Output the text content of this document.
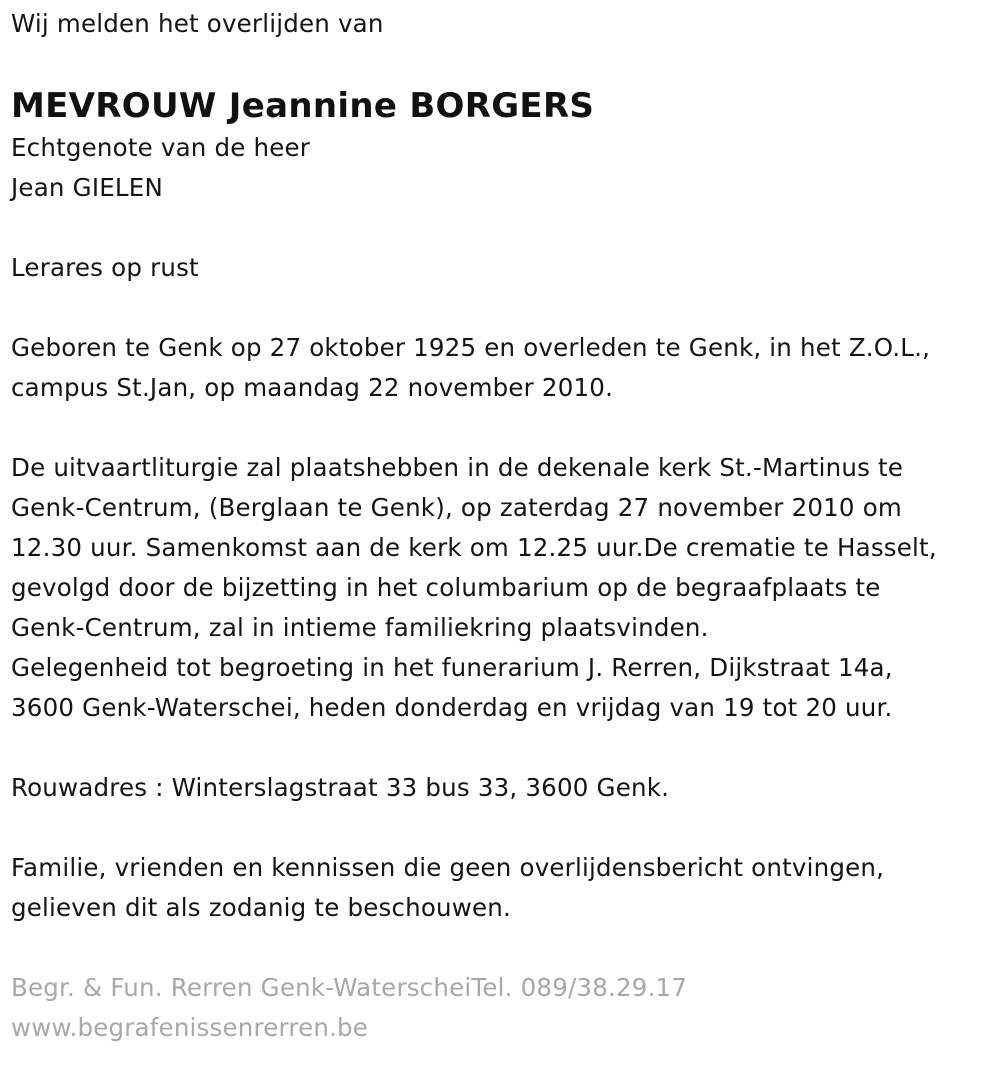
Wij melden het overlijden van
MEVROUW Jeannine BORGERS
Echtgenote van de heer
Jean GIELEN
Lerares op rust
Geboren te Genk op 27 oktober 1925 en overleden te Genk, in het Z.O.L.,
campus St.Jan, op maandag 22 november 2010.
De uitvaartliturgie zal plaatshebben in de dekenale kerk St.-Martinus te
Genk-Centrum, (Berglaan te Genk), op zaterdag 27 november 2010 om
12.30 uur. Samenkomst aan de kerk om 12.25 uur.De crematie te Hasselt,
gevolgd door de bijzetting in het columbarium op de begraafplaats te
Genk-Centrum, zal in intieme familiekring plaatsvinden.
Gelegenheid tot begroeting in het funerarium J. Rerren, Dijkstraat 14a,
3600 Genk-Waterschei, heden donderdag en vrijdag van 19 tot 20 uur.
Rouwadres : Winterslagstraat 33 bus 33, 3600 Genk.
Familie, vrienden en kennissen die geen overlijdensbericht ontvingen,
gelieven dit als zodanig te beschouwen.
Begr. & Fun. Rerren Genk-WaterscheiTel. 089/38.29.17
www.begrafenissenrerren.be
